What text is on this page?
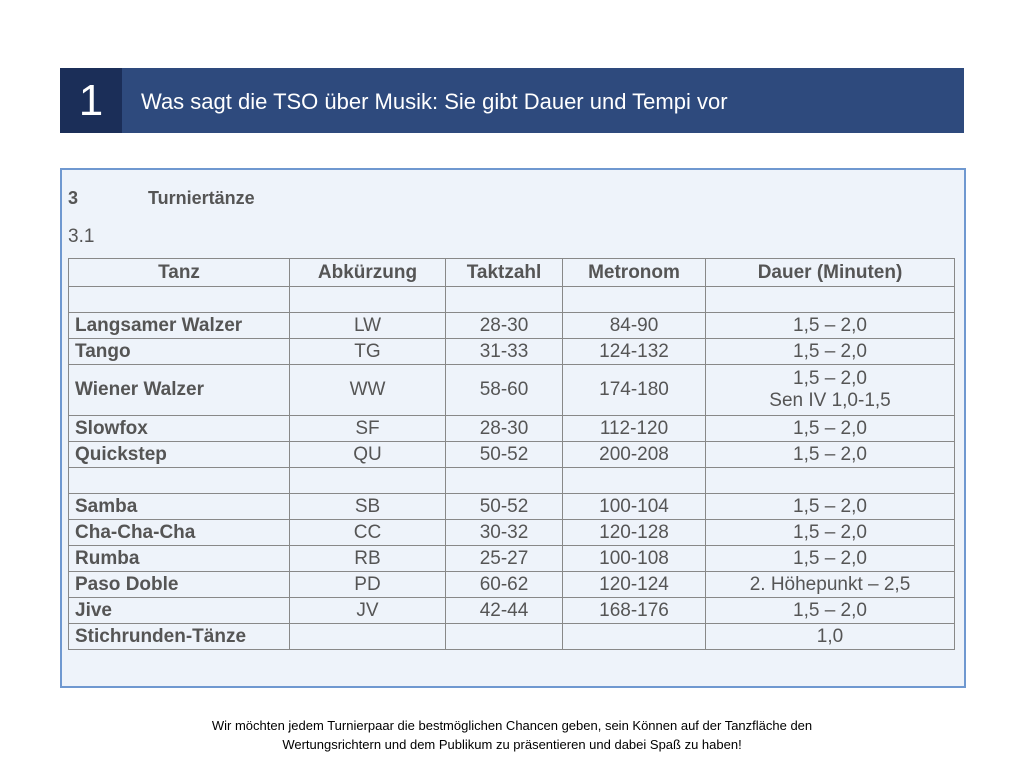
1	Was sagt die TSO über Musik: Sie gibt Dauer und Tempi vor
3	Turniertänze
3.1
Tanz	Abkürzung	Taktzahl	Metronom	Dauer (Minuten)

Langsamer Walzer	LW	28-30	84-90	1,5 – 2,0
Tango	TG	31-33	124-132	1,5 – 2,0
Wiener Walzer	WW	58-60	174-180	1,5 – 2,0
Sen IV 1,0-1,5

Slowfox	SF	28-30	112-120	1,5 – 2,0
Quickstep	QU	50-52	200-208	1,5 – 2,0

Samba	SB	50-52	100-104	1,5 – 2,0
Cha-Cha-Cha	CC	30-32	120-128	1,5 – 2,0
Rumba	RB	25-27	100-108	1,5 – 2,0
Paso Doble	PD	60-62	120-124	2. Höhepunkt – 2,5
Jive	JV	42-44	168-176	1,5 – 2,0
Stichrunden-Tänze				1,0
Wir möchten jedem Turnierpaar die bestmöglichen Chancen geben, sein Können auf der Tanzfläche den
Wertungsrichtern und dem Publikum zu präsentieren und dabei Spaß zu haben!
